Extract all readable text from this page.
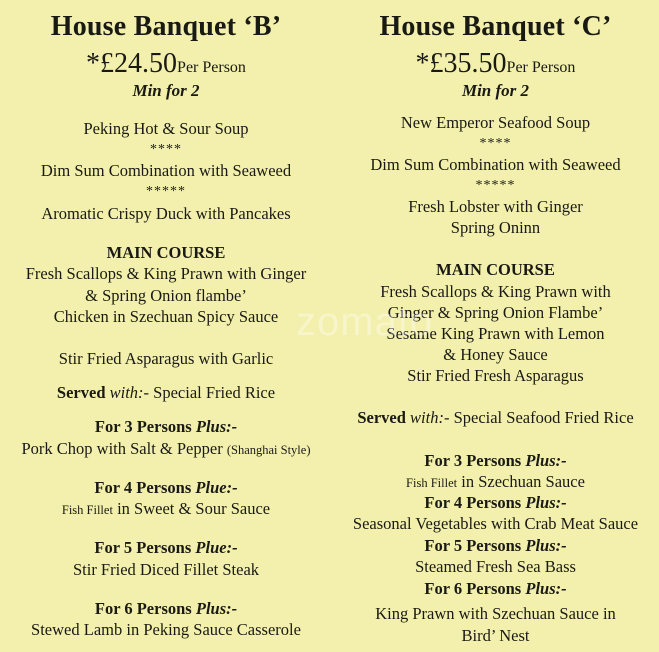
House Banquet ‘B’
*£24.50Per Person
Min for 2
Peking Hot & Sour Soup
****
Dim Sum Combination with Seaweed
*****
Aromatic Crispy Duck with Pancakes
MAIN COURSE
Fresh Scallops & King Prawn with Ginger
& Spring Onion flambe’
Chicken in Szechuan Spicy Sauce
Stir Fried Asparagus with Garlic
Served with:- Special Fried Rice
For 3 Persons Plus:-
Pork Chop with Salt & Pepper (Shanghai Style)
For 4 Persons Plue:-
Fish Fillet in Sweet & Sour Sauce
For 5 Persons Plue:-
Stir Fried Diced Fillet Steak
For 6 Persons Plus:-
Stewed Lamb in Peking Sauce Casserole
House Banquet ‘C’
*£35.50Per Person
Min for 2
New Emperor Seafood Soup
****
Dim Sum Combination with Seaweed
*****
Fresh Lobster with Ginger
Spring Oninn
MAIN COURSE
Fresh Scallops & King Prawn with
Ginger & Spring Onion Flambe’
Sesame King Prawn with Lemon
& Honey Sauce
Stir Fried Fresh Asparagus
Served with:- Special Seafood Fried Rice
For 3 Persons Plus:-
Fish Fillet in Szechuan Sauce
For 4 Persons Plus:-
Seasonal Vegetables with Crab Meat Sauce
For 5 Persons Plus:-
Steamed Fresh Sea Bass
For 6 Persons Plus:-
King Prawn with Szechuan Sauce in
Bird’ Nest
zomato
